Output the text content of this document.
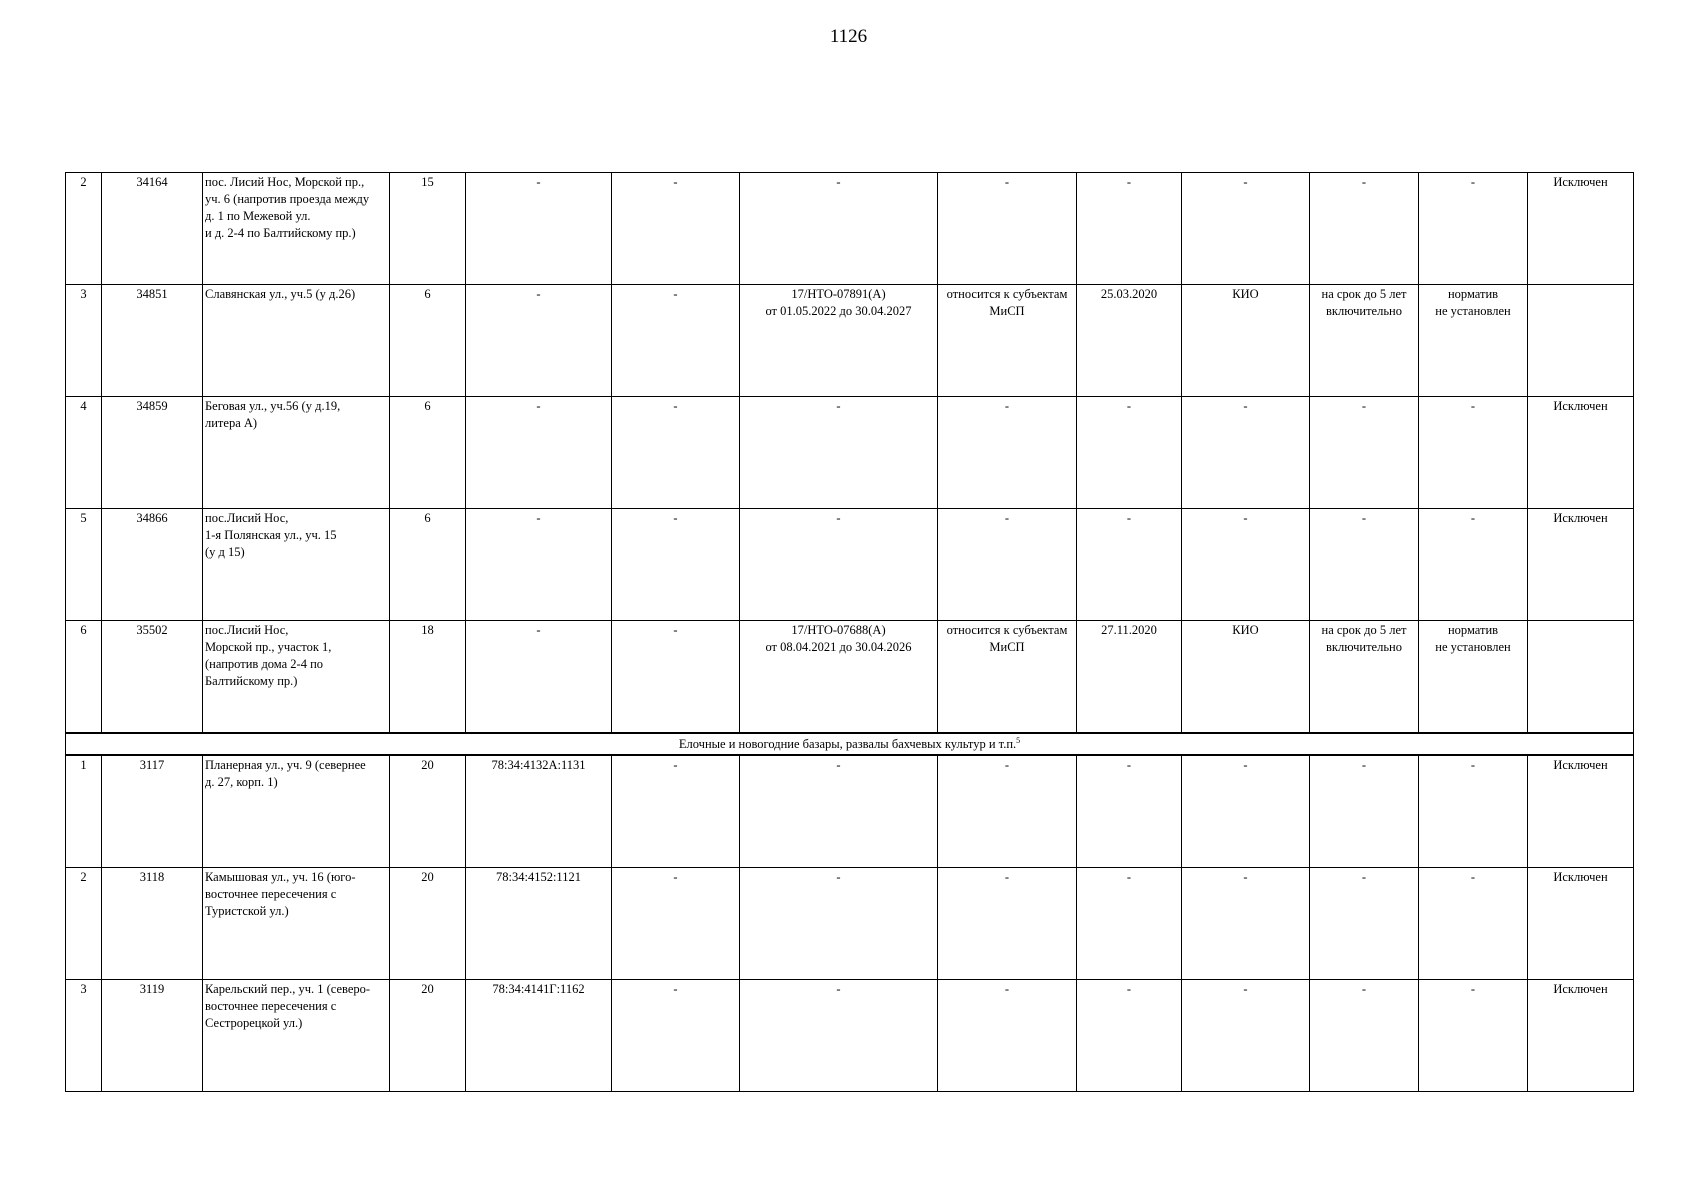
1126
2	34164	пос. Лисий Нос, Морской пр.,
уч. 6 (напротив проезда между
д. 1 по Межевой ул.
и д. 2-4 по Балтийскому пр.)	15	-	-	-	-	-	-	-	-	Исключен
3	34851	Славянская ул., уч.5 (у д.26)	6	-	-	17/НТО-07891(А)
от 01.05.2022 до 30.04.2027	относится к субъектам
МиСП	25.03.2020	КИО	на срок до 5 лет
включительно	норматив
не установлен	
4	34859	Беговая ул., уч.56 (у д.19,
литера А)	6	-	-	-	-	-	-	-	-	Исключен
5	34866	пос.Лисий Нос,
1-я Полянская ул., уч. 15
(у д 15)	6	-	-	-	-	-	-	-	-	Исключен
6	35502	пос.Лисий Нос,
Морской пр., участок 1,
(напротив дома 2-4 по
Балтийскому пр.)	18	-	-	17/НТО-07688(А)
от 08.04.2021 до 30.04.2026	относится к субъектам
МиСП	27.11.2020	КИО	на срок до 5 лет
включительно	норматив
не установлен	
Елочные и новогодние базары, развалы бахчевых культур и т.п.$^5$
1	3117	Планерная ул., уч. 9 (севернее
д. 27, корп. 1)	20	78:34:4132А:1131	-	-	-	-	-	-	-	Исключен
2	3118	Камышовая ул., уч. 16 (юго-
восточнее пересечения с
Туристской ул.)	20	78:34:4152:1121	-	-	-	-	-	-	-	Исключен
3	3119	Карельский пер., уч. 1 (северо-
восточнее пересечения с
Сестрорецкой ул.)	20	78:34:4141Г:1162	-	-	-	-	-	-	-	Исключен
